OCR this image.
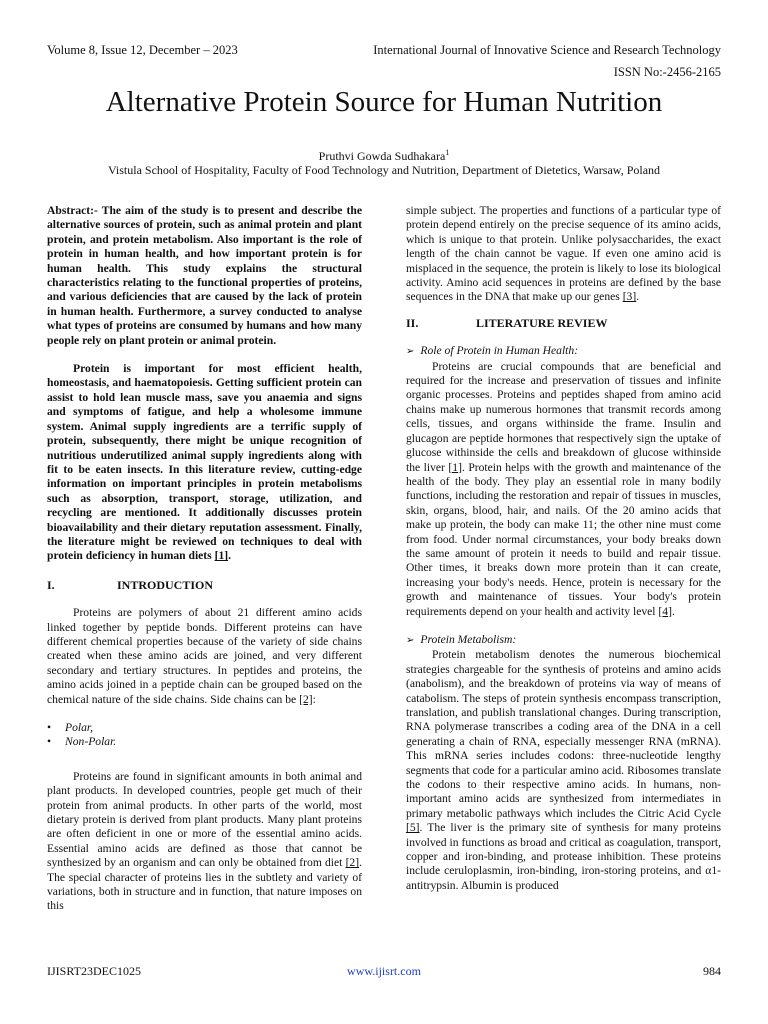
Volume 8, Issue 12, December – 2023	International Journal of Innovative Science and Research Technology
ISSN No:-2456-2165
Alternative Protein Source for Human Nutrition
Pruthvi Gowda Sudhakara$^1$
Vistula School of Hospitality, Faculty of Food Technology and Nutrition, Department of Dietetics, Warsaw, Poland

Abstract:- The aim of the study is to present and describe the alternative sources of protein, such as animal protein and plant protein, and protein metabolism. Also important is the role of protein in human health, and how important protein is for human health. This study explains the structural characteristics relating to the functional properties of proteins, and various deficiencies that are caused by the lack of protein in human health. Furthermore, a survey conducted to analyse what types of proteins are consumed by humans and how many people rely on plant protein or animal protein.

Protein is important for most efficient health, homeostasis, and haematopoiesis. Getting sufficient protein can assist to hold lean muscle mass, save you anaemia and signs and symptoms of fatigue, and help a wholesome immune system. Animal supply ingredients are a terrific supply of protein, subsequently, there might be unique recognition of nutritious underutilized animal supply ingredients along with fit to be eaten insects. In this literature review, cutting-edge information on important principles in protein metabolisms such as absorption, transport, storage, utilization, and recycling are mentioned. It additionally discusses protein bioavailability and their dietary reputation assessment. Finally, the literature might be reviewed on techniques to deal with protein deficiency in human diets [1].

I.	INTRODUCTION

Proteins are polymers of about 21 different amino acids linked together by peptide bonds. Different proteins can have different chemical properties because of the variety of side chains created when these amino acids are joined, and very different secondary and tertiary structures. In peptides and proteins, the amino acids joined in a peptide chain can be grouped based on the chemical nature of the side chains. Side chains can be [2]:

• Polar,
• Non-Polar.

Proteins are found in significant amounts in both animal and plant products. In developed countries, people get much of their protein from animal products. In other parts of the world, most dietary protein is derived from plant products. Many plant proteins are often deficient in one or more of the essential amino acids. Essential amino acids are defined as those that cannot be synthesized by an organism and can only be obtained from diet [2]. The special character of proteins lies in the subtlety and variety of variations, both in structure and in function, that nature imposes on this

simple subject. The properties and functions of a particular type of protein depend entirely on the precise sequence of its amino acids, which is unique to that protein. Unlike polysaccharides, the exact length of the chain cannot be vague. If even one amino acid is misplaced in the sequence, the protein is likely to lose its biological activity. Amino acid sequences in proteins are defined by the base sequences in the DNA that make up our genes [3].

II.	LITERATURE REVIEW

➢ Role of Protein in Human Health:

Proteins are crucial compounds that are beneficial and required for the increase and preservation of tissues and infinite organic processes. Proteins and peptides shaped from amino acid chains make up numerous hormones that transmit records among cells, tissues, and organs withinside the frame. Insulin and glucagon are peptide hormones that respectively sign the uptake of glucose withinside the cells and breakdown of glucose withinside the liver [1]. Protein helps with the growth and maintenance of the health of the body. They play an essential role in many bodily functions, including the restoration and repair of tissues in muscles, skin, organs, blood, hair, and nails. Of the 20 amino acids that make up protein, the body can make 11; the other nine must come from food. Under normal circumstances, your body breaks down the same amount of protein it needs to build and repair tissue. Other times, it breaks down more protein than it can create, increasing your body's needs. Hence, protein is necessary for the growth and maintenance of tissues. Your body's protein requirements depend on your health and activity level [4].

➢ Protein Metabolism:

Protein metabolism denotes the numerous biochemical strategies chargeable for the synthesis of proteins and amino acids (anabolism), and the breakdown of proteins via way of means of catabolism. The steps of protein synthesis encompass transcription, translation, and publish translational changes. During transcription, RNA polymerase transcribes a coding area of the DNA in a cell generating a chain of RNA, especially messenger RNA (mRNA). This mRNA series includes codons: three-nucleotide lengthy segments that code for a particular amino acid. Ribosomes translate the codons to their respective amino acids. In humans, non-important amino acids are synthesized from intermediates in primary metabolic pathways which includes the Citric Acid Cycle [5]. The liver is the primary site of synthesis for many proteins involved in functions as broad and critical as coagulation, transport, copper and iron-binding, and protease inhibition. These proteins include ceruloplasmin, iron-binding, iron-storing proteins, and α1-antitrypsin. Albumin is produced

IJISRT23DEC1025	www.ijisrt.com	984
